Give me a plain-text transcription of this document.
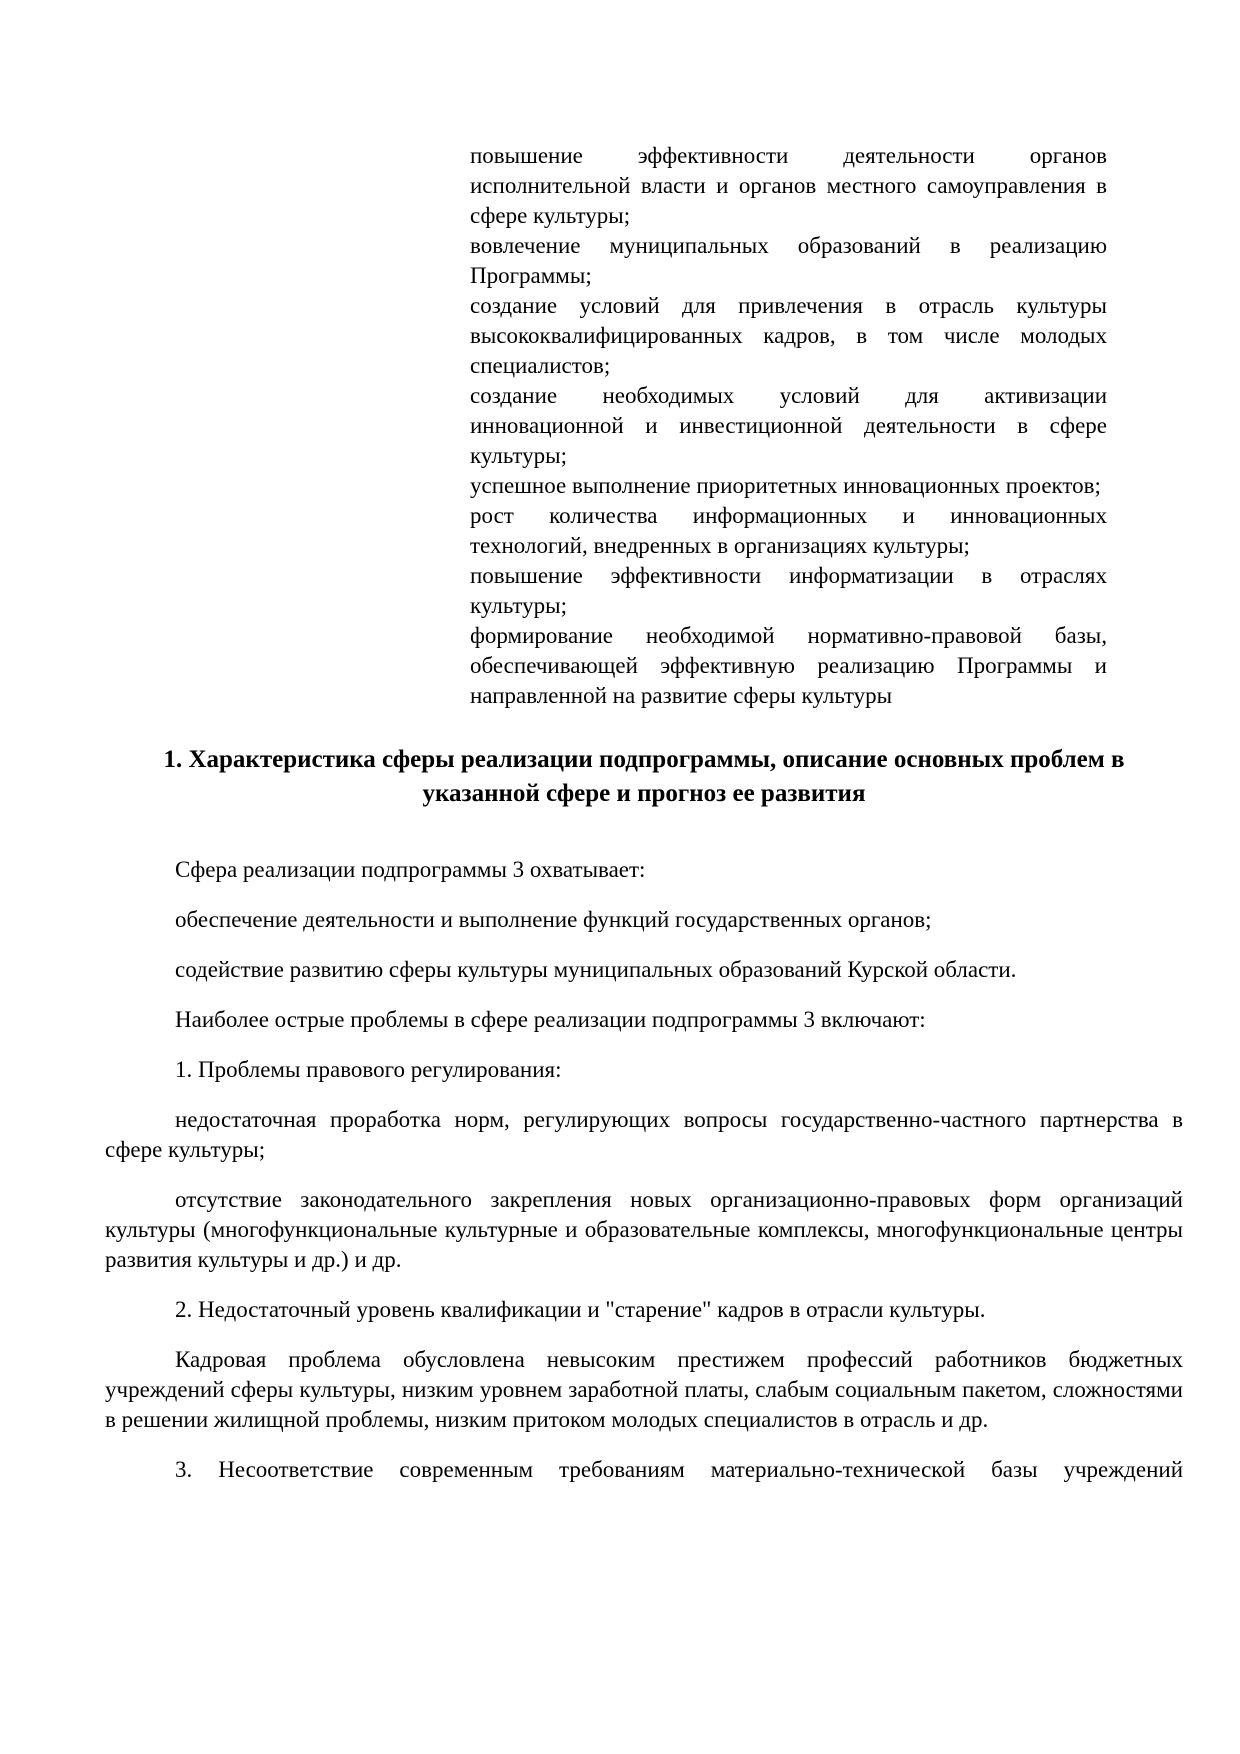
повышение эффективности деятельности органов исполнительной власти и органов местного самоуправления в сфере культуры;

вовлечение муниципальных образований в реализацию Программы;

создание условий для привлечения в отрасль культуры высококвалифицированных кадров, в том числе молодых специалистов;

создание необходимых условий для активизации инновационной и инвестиционной деятельности в сфере культуры;

успешное выполнение приоритетных инновационных проектов;

рост количества информационных и инновационных технологий, внедренных в организациях культуры;

повышение эффективности информатизации в отраслях культуры;

формирование необходимой нормативно-правовой базы, обеспечивающей эффективную реализацию Программы и направленной на развитие сферы культуры

1. Характеристика сферы реализации подпрограммы, описание основных проблем в указанной сфере и прогноз ее развития

Сфера реализации подпрограммы 3 охватывает:

обеспечение деятельности и выполнение функций государственных органов;

содействие развитию сферы культуры муниципальных образований Курской области.

Наиболее острые проблемы в сфере реализации подпрограммы 3 включают:

1. Проблемы правового регулирования:

недостаточная проработка норм, регулирующих вопросы государственно-частного партнерства в сфере культуры;

отсутствие законодательного закрепления новых организационно-правовых форм организаций культуры (многофункциональные культурные и образовательные комплексы, многофункциональные центры развития культуры и др.) и др.

2. Недостаточный уровень квалификации и "старение" кадров в отрасли культуры.

Кадровая проблема обусловлена невысоким престижем профессий работников бюджетных учреждений сферы культуры, низким уровнем заработной платы, слабым социальным пакетом, сложностями в решении жилищной проблемы, низким притоком молодых специалистов в отрасль и др.

3. Несоответствие современным требованиям материально-технической базы учреждений
